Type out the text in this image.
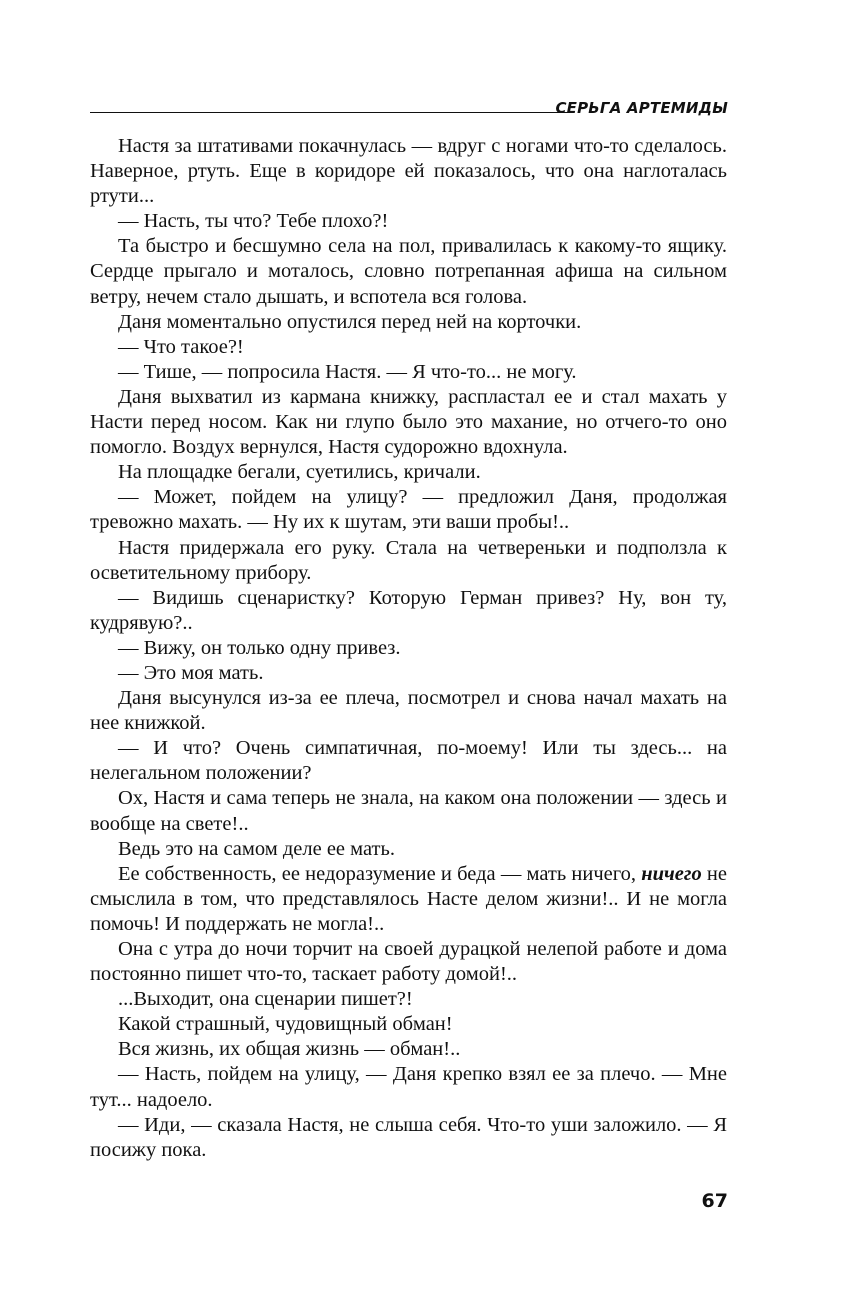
СЕРЬГА АРТЕМИДЫ

Настя за штативами покачнулась — вдруг с ногами что-то сделалось. Наверное, ртуть. Еще в коридоре ей показалось, что она наглоталась ртути...

— Насть, ты что? Тебе плохо?!

Та быстро и бесшумно села на пол, привалилась к какому-то ящику. Сердце прыгало и моталось, словно потрепанная афиша на сильном ветру, нечем стало дышать, и вспотела вся голова.

Даня моментально опустился перед ней на корточки.

— Что такое?!

— Тише, — попросила Настя. — Я что-то... не могу.

Даня выхватил из кармана книжку, распластал ее и стал махать у Насти перед носом. Как ни глупо было это махание, но отчего-то оно помогло. Воздух вернулся, Настя судорожно вдохнула.

На площадке бегали, суетились, кричали.

— Может, пойдем на улицу? — предложил Даня, продолжая тревожно махать. — Ну их к шутам, эти ваши пробы!..

Настя придержала его руку. Стала на четвереньки и подползла к осветительному прибору.

— Видишь сценаристку? Которую Герман привез? Ну, вон ту, кудрявую?..

— Вижу, он только одну привез.

— Это моя мать.

Даня высунулся из-за ее плеча, посмотрел и снова начал махать на нее книжкой.

— И что? Очень симпатичная, по-моему! Или ты здесь... на нелегальном положении?

Ох, Настя и сама теперь не знала, на каком она положении — здесь и вообще на свете!..

Ведь это на самом деле ее мать.

Ее собственность, ее недоразумение и беда — мать ничего, ничего не смыслила в том, что представлялось Насте делом жизни!.. И не могла помочь! И поддержать не могла!..

Она с утра до ночи торчит на своей дурацкой нелепой работе и дома постоянно пишет что-то, таскает работу домой!..

...Выходит, она сценарии пишет?!

Какой страшный, чудовищный обман!

Вся жизнь, их общая жизнь — обман!..

— Насть, пойдем на улицу, — Даня крепко взял ее за плечо. — Мне тут... надоело.

— Иди, — сказала Настя, не слыша себя. Что-то уши заложило. — Я посижу пока.

67
